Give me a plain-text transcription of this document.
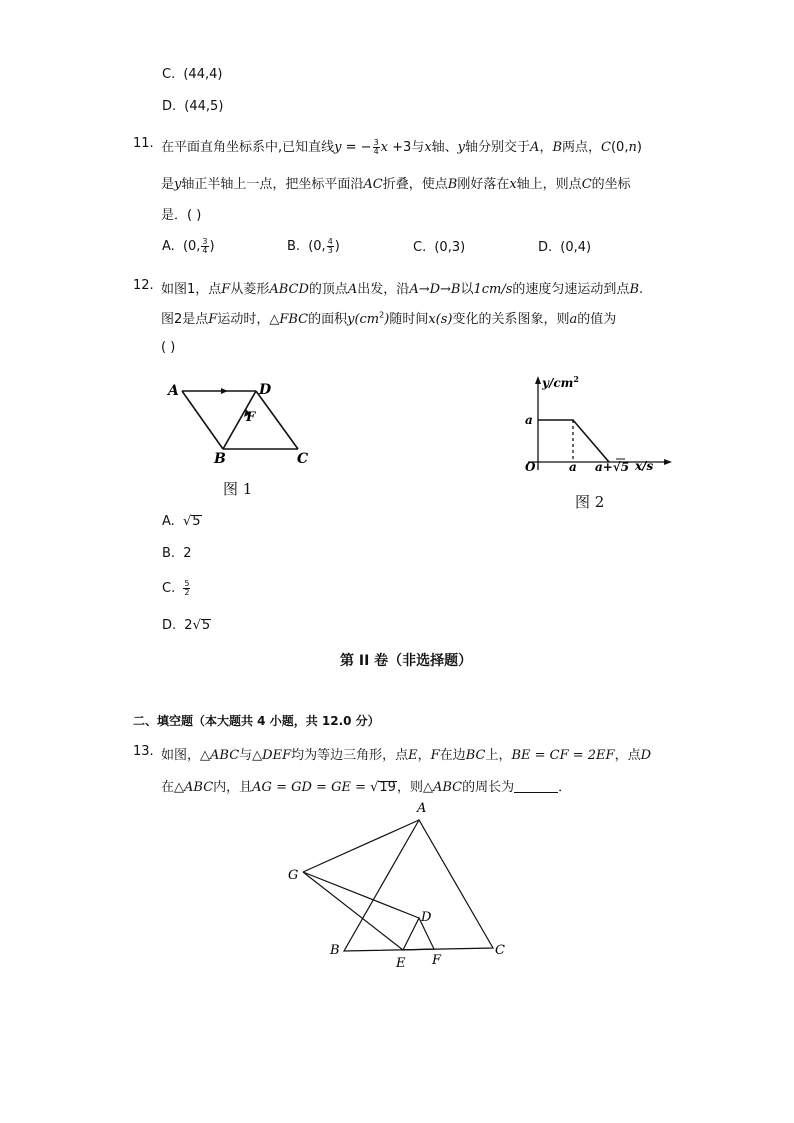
C. (44,4)
D. (44,5)
11. 在平面直角坐标系中,已知直线y = − $\frac{3}{4}$ x +3与x轴、y轴分别交于A，B两点，C(0,n)
是y轴正半轴上一点，把坐标平面沿AC折叠，使点B刚好落在x轴上，则点C的坐标
是．( )
A. (0, $\frac{3}{4}$ )	B. (0, $\frac{4}{3}$ )	C. (0,3)	D. (0,4)
12. 如图1，点F从菱形ABCD的顶点A出发，沿A→D→B以1cm/s的速度匀速运动到点B.
图2是点F运动时，△FBC的面积$y(cm^2)$随时间x(s)变化的关系图象，则a的值为
( )
A	D
F
B	C
图 1
$y/cm^2$
a
O	a a+√5 x/s
图 2
A. √5
B. 2
C. $\frac{5}{2}$
D. 2√5
第 II 卷（非选择题）
二、填空题（本大题共 4 小题，共 12.0 分）
13. 如图，△ABC与△DEF均为等边三角形，点E，F在边BC上，BE = CF = 2EF，点D
在△ABC内，且AG = GD = GE = √19，则△ABC的周长为	．
A
G
D
B
E F
C
